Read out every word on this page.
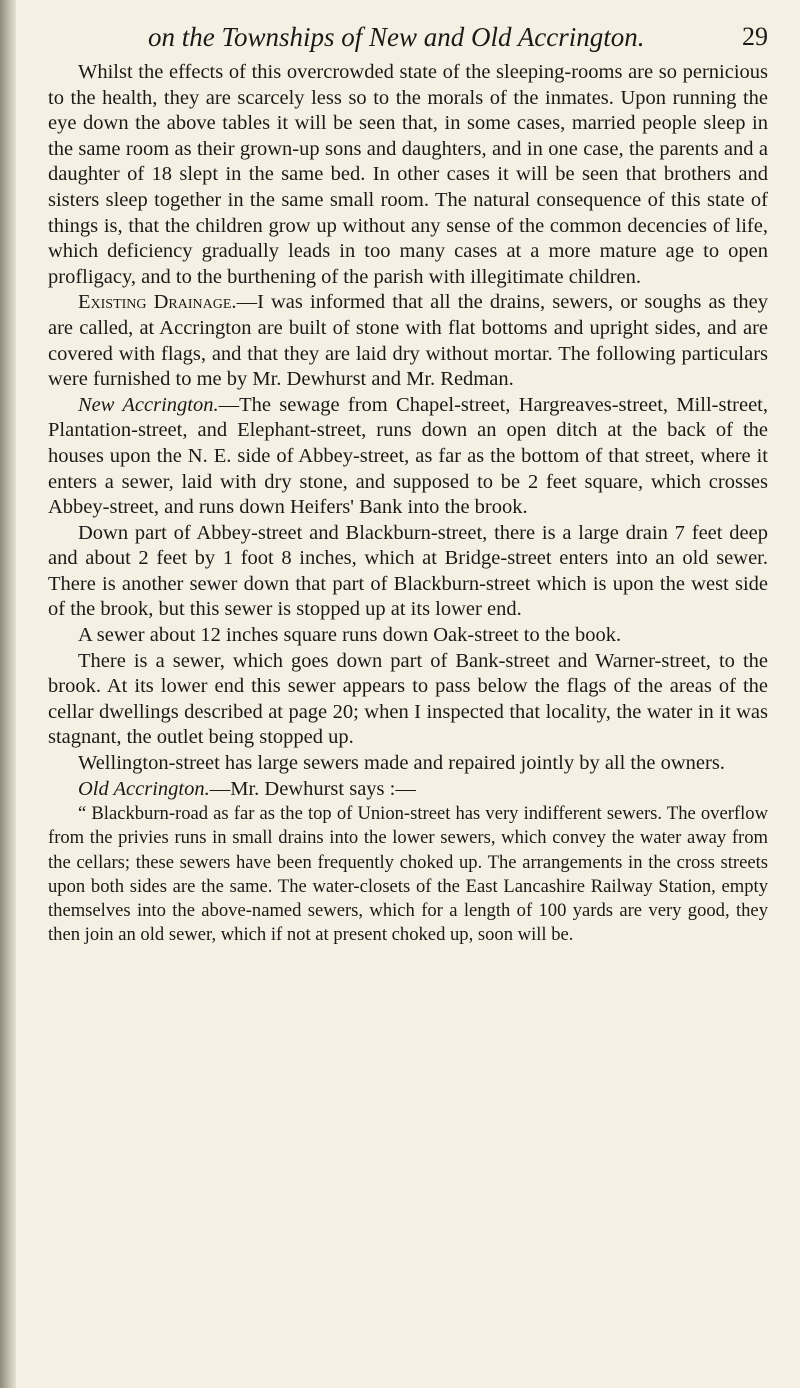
on the Townships of New and Old Accrington.	29

Whilst the effects of this overcrowded state of the sleeping-rooms are so pernicious to the health, they are scarcely less so to the morals of the inmates. Upon running the eye down the above tables it will be seen that, in some cases, married people sleep in the same room as their grown-up sons and daughters, and in one case, the parents and a daughter of 18 slept in the same bed. In other cases it will be seen that brothers and sisters sleep together in the same small room. The natural consequence of this state of things is, that the children grow up without any sense of the common decencies of life, which deficiency gradually leads in too many cases at a more mature age to open profligacy, and to the burthening of the parish with illegitimate children.

Existing Drainage.—I was informed that all the drains, sewers, or soughs as they are called, at Accrington are built of stone with flat bottoms and upright sides, and are covered with flags, and that they are laid dry without mortar. The following particulars were furnished to me by Mr. Dewhurst and Mr. Redman.

New Accrington.—The sewage from Chapel-street, Hargreaves-street, Mill-street, Plantation-street, and Elephant-street, runs down an open ditch at the back of the houses upon the N. E. side of Abbey-street, as far as the bottom of that street, where it enters a sewer, laid with dry stone, and supposed to be 2 feet square, which crosses Abbey-street, and runs down Heifers' Bank into the brook.

Down part of Abbey-street and Blackburn-street, there is a large drain 7 feet deep and about 2 feet by 1 foot 8 inches, which at Bridge-street enters into an old sewer. There is another sewer down that part of Blackburn-street which is upon the west side of the brook, but this sewer is stopped up at its lower end.

A sewer about 12 inches square runs down Oak-street to the book.

There is a sewer, which goes down part of Bank-street and Warner-street, to the brook. At its lower end this sewer appears to pass below the flags of the areas of the cellar dwellings described at page 20; when I inspected that locality, the water in it was stagnant, the outlet being stopped up.

Wellington-street has large sewers made and repaired jointly by all the owners.

Old Accrington.—Mr. Dewhurst says :—

“ Blackburn-road as far as the top of Union-street has very indifferent sewers. The overflow from the privies runs in small drains into the lower sewers, which convey the water away from the cellars; these sewers have been frequently choked up. The arrangements in the cross streets upon both sides are the same. The water-closets of the East Lancashire Railway Station, empty themselves into the above-named sewers, which for a length of 100 yards are very good, they then join an old sewer, which if not at present choked up, soon will be.
